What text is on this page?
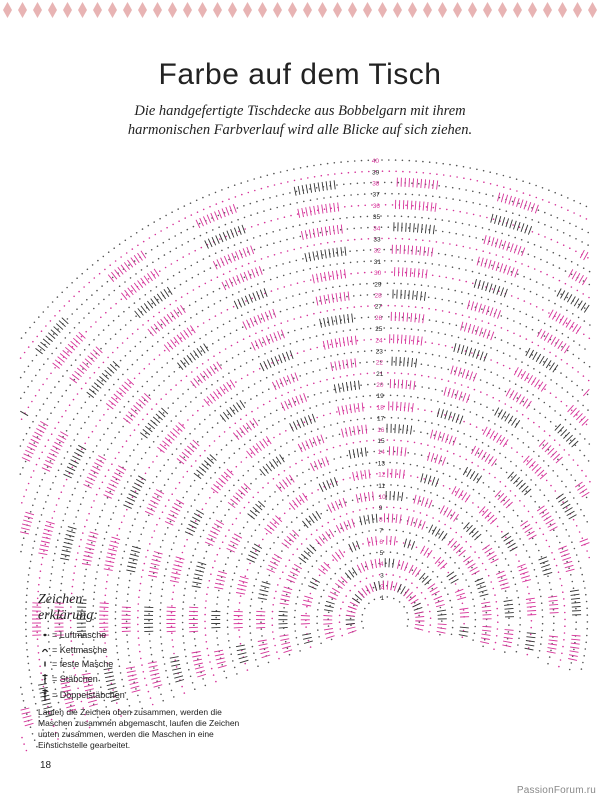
Farbe auf dem Tisch

Die handgefertigte Tischdecke aus Bobbelgarn mit ihrem
harmonischen Farbverlauf wird alle Blicke auf sich ziehen.

1
2
3
4
5
6
7
8
9
10
11
12
13
14
15
16
17
18
19
20
21
22
23
24
25
26
27
28
29
30
31
32
33
34
35
36
37
38
39
40
Zeichen-
erklärung:
= Luftmasche
= Kettmasche
= feste Masche
= Stäbchen
= Doppelstäbchen
Laufen die Zeichen oben zusammen, werden die Maschen zusammen abgemascht, laufen die Zeichen unten zusammen, werden die Maschen in eine Einstichstelle gearbeitet.
18
PassionForum.ru
